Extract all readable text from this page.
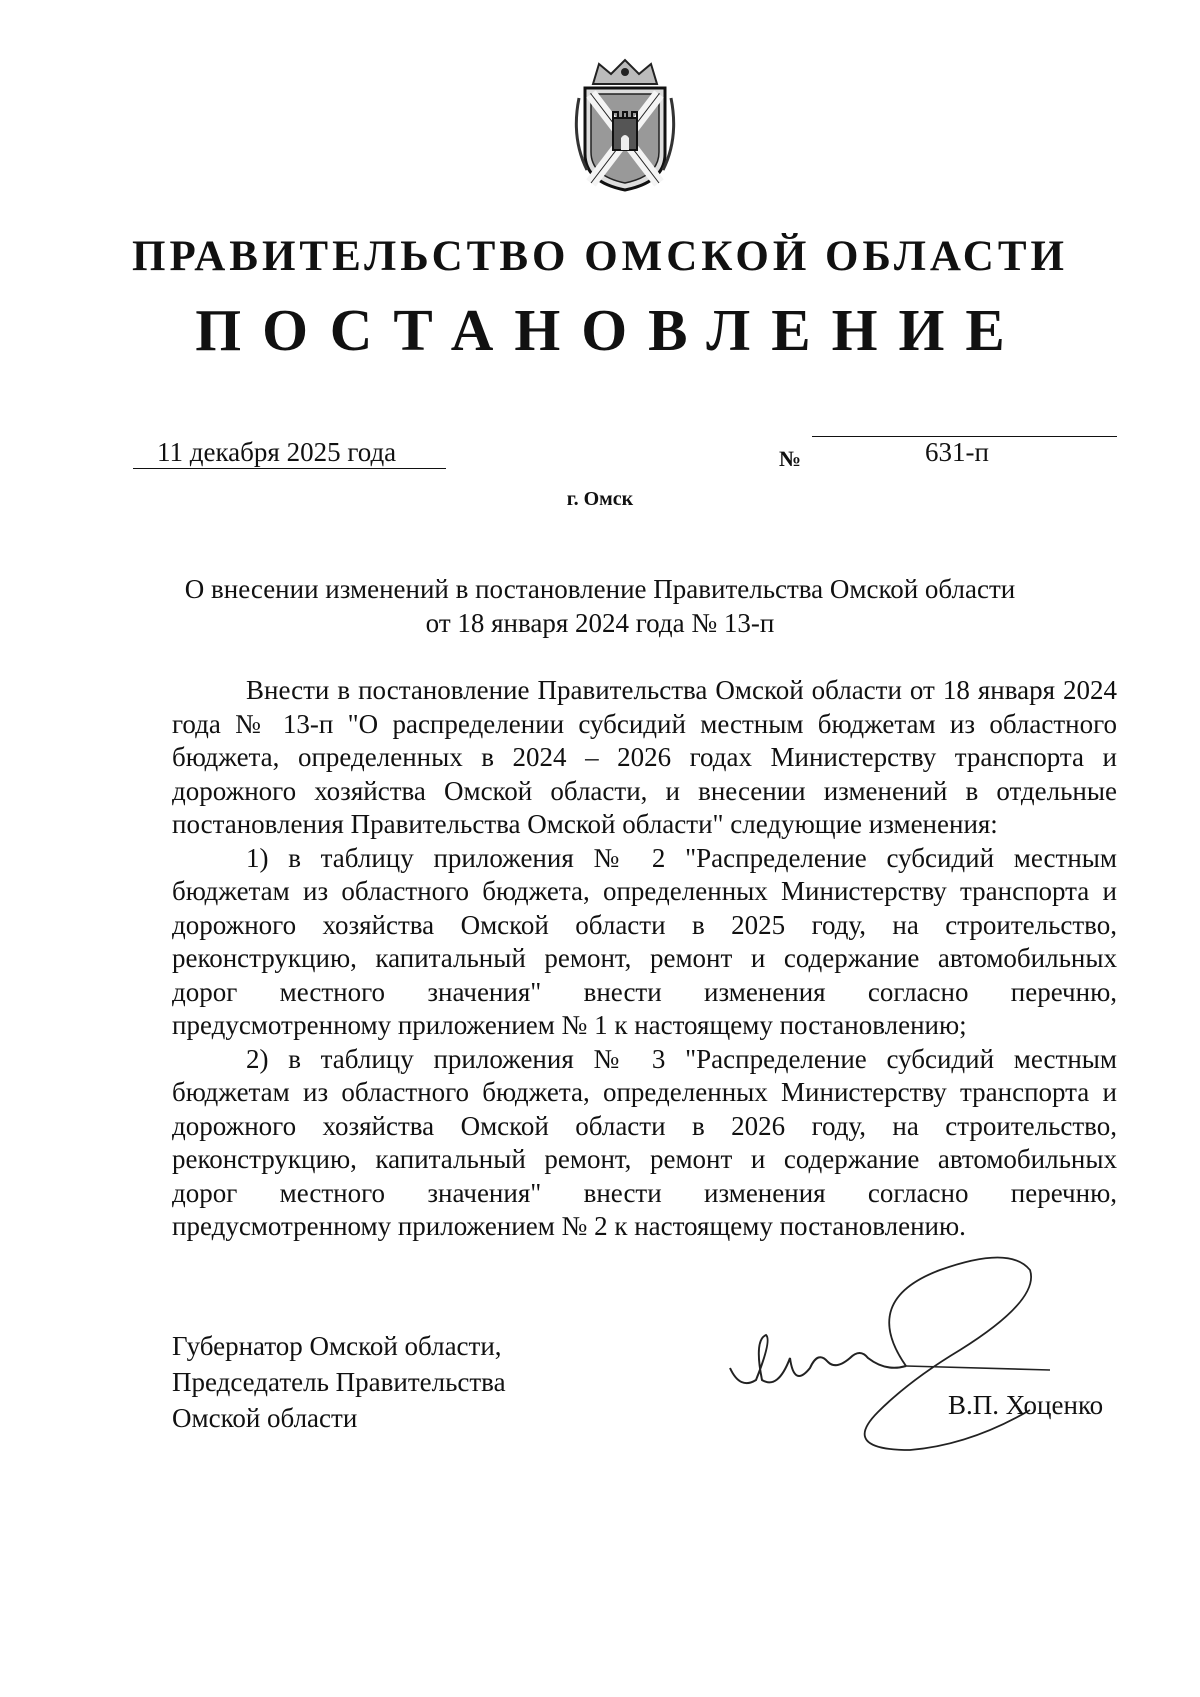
ПРАВИТЕЛЬСТВО ОМСКОЙ ОБЛАСТИ
ПОСТАНОВЛЕНИЕ
11 декабря 2025 года	№	631-п
г. Омск
О внесении изменений в постановление Правительства Омской области
от 18 января 2024 года № 13-п

Внести в постановление Правительства Омской области от 18 января 2024 года № 13-п "О распределении субсидий местным бюджетам из областного бюджета, определенных в 2024 – 2026 годах Министерству транспорта и дорожного хозяйства Омской области, и внесении изменений в отдельные постановления Правительства Омской области" следующие изменения:

1) в таблицу приложения № 2 "Распределение субсидий местным бюджетам из областного бюджета, определенных Министерству транспорта и дорожного хозяйства Омской области в 2025 году, на строительство, реконструкцию, капитальный ремонт, ремонт и содержание автомобильных дорог местного значения" внести изменения согласно перечню, предусмотренному приложением № 1 к настоящему постановлению;

2) в таблицу приложения № 3 "Распределение субсидий местным бюджетам из областного бюджета, определенных Министерству транспорта и дорожного хозяйства Омской области в 2026 году, на строительство, реконструкцию, капитальный ремонт, ремонт и содержание автомобильных дорог местного значения" внести изменения согласно перечню, предусмотренному приложением № 2 к настоящему постановлению.

Губернатор Омской области,
Председатель Правительства
Омской области	В.П. Хоценко
